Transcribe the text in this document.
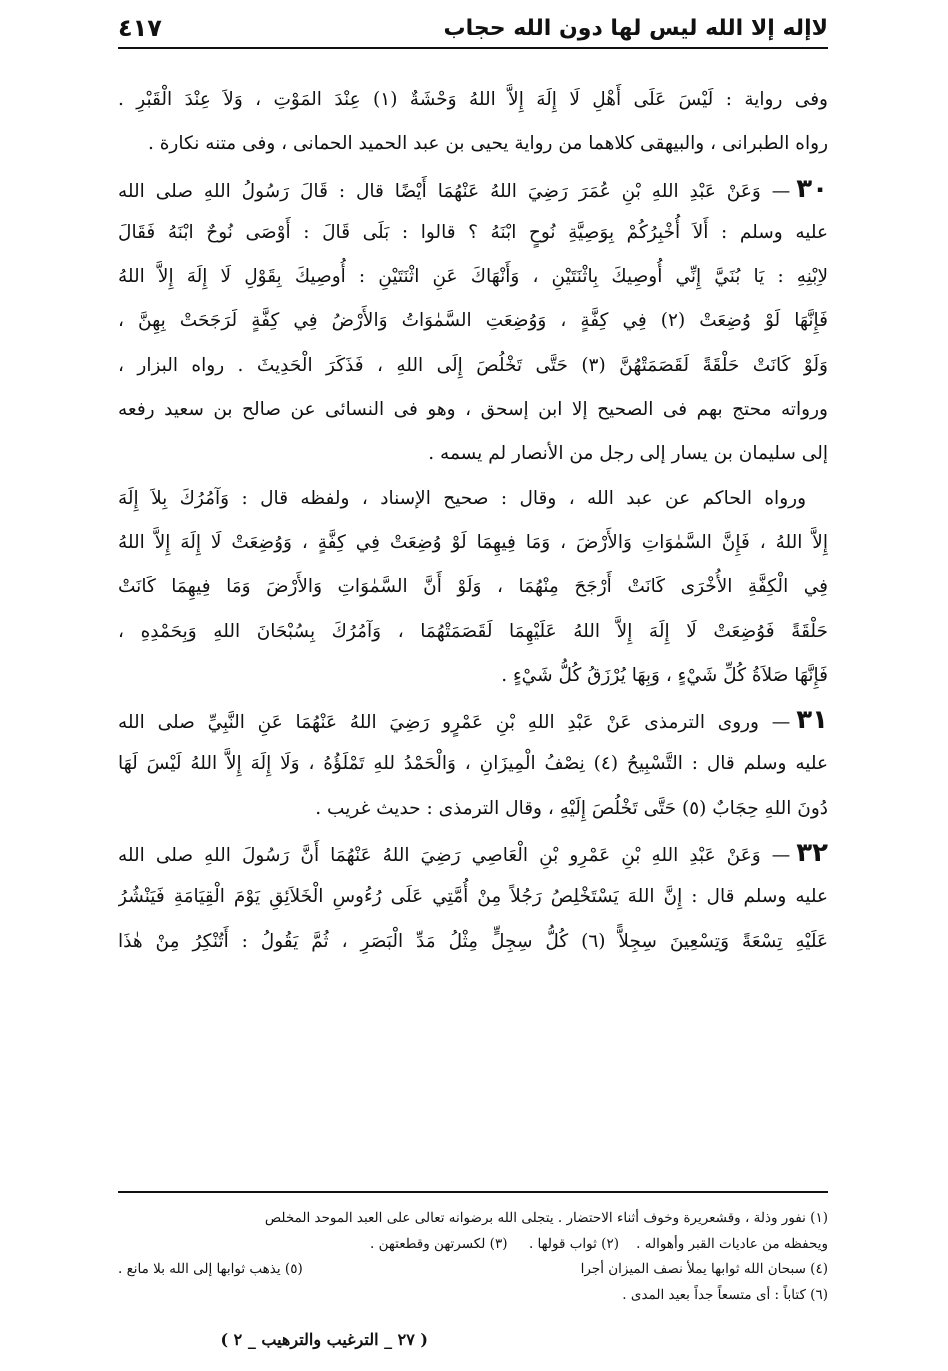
٤١٧	لاإله إلا الله ليس لها دون الله حجاب
وفى رواية : لَيْسَ عَلَى أَهْلِ لَا إِلَهَ إِلاَّ اللهُ وَحْشَةٌ (١) عِنْدَ المَوْتِ ، وَلاَ عِنْدَ الْقَبْرِ .
رواه الطبرانى ، والبيهقى كلاهما من رواية يحيى بن عبد الحميد الحمانى ، وفى متنه نكارة .
٣٠— وَعَنْ عَبْدِ اللهِ بْنِ عُمَرَ رَضِيَ اللهُ عَنْهُمَا أَيْضًا قال : قَالَ رَسُولُ اللهِ صلى الله
عليه وسلم : أَلاَ أُخْبِرُكُمْ بِوَصِيَّةِ نُوحٍ ابْنَهُ ؟ قالوا : بَلَى قَالَ : أَوْصَى نُوحٌ ابْنَهُ فَقَالَ
لاِبْنِهِ : يَا بُنَيَّ إِنِّي أُوصِيكَ بِاثْنَتَيْنِ ، وَأَنْهَاكَ عَنِ اثْنَتَيْنِ : أُوصِيكَ بِقَوْلِ لَا إِلَهَ إِلاَّ اللهُ
فَإِنَّهَا لَوْ وُضِعَتْ (٢) فِي كِفَّةٍ ، وَوُضِعَتِ السَّمٰوَاتُ وَالأَرْضُ فِي كِفَّةٍ لَرَجَحَتْ بِهِنَّ ،
وَلَوْ كَانَتْ حَلْقَةً لَقَصَمَتْهُنَّ (٣) حَتَّى تَخْلُصَ إِلَى اللهِ ، فَذَكَرَ الْحَدِيثَ . رواه البزار ،
ورواته محتج بهم فى الصحيح إلا ابن إسحق ، وهو فى النسائى عن صالح بن سعيد رفعه
إلى سليمان بن يسار إلى رجل من الأنصار لم يسمه .
ورواه الحاكم عن عبد الله ، وقال : صحيح الإسناد ، ولفظه قال : وَآمُرُكَ بِلاَ إِلَهَ
إِلاَّ اللهُ ، فَإِنَّ السَّمٰوَاتِ وَالأَرْضَ ، وَمَا فِيهِمَا لَوْ وُضِعَتْ فِي كِفَّةٍ ، وَوُضِعَتْ لَا إِلَهَ إِلاَّ اللهُ
فِي الْكِفَّةِ الأُخْرَى كَانَتْ أَرْجَحَ مِنْهُمَا ، وَلَوْ أَنَّ السَّمٰوَاتِ وَالأَرْضَ وَمَا فِيهِمَا كَانَتْ
حَلْقَةً فَوُضِعَتْ لَا إِلَهَ إِلاَّ اللهُ عَلَيْهِمَا لَقَصَمَتْهُمَا ، وَآمُرُكَ بِسُبْحَانَ اللهِ وَبِحَمْدِهِ ،
فَإِنَّهَا صَلاَةُ كُلِّ شَيْءٍ ، وَبِهَا يُرْزَقُ كُلُّ شَيْءٍ .
٣١— وروى الترمذى عَنْ عَبْدِ اللهِ بْنِ عَمْرٍو رَضِيَ اللهُ عَنْهُمَا عَنِ النَّبِيِّ صلى الله
عليه وسلم قال : التَّسْبِيحُ (٤) نِصْفُ الْمِيزَانِ ، وَالْحَمْدُ للهِ تَمْلَؤُهُ ، وَلَا إِلَهَ إِلاَّ اللهُ لَيْسَ لَهَا
دُونَ اللهِ حِجَابٌ (٥) حَتَّى تَخْلُصَ إِلَيْهِ ، وقال الترمذى : حديث غريب .
٣٢— وَعَنْ عَبْدِ اللهِ بْنِ عَمْرِو بْنِ الْعَاصِي رَضِيَ اللهُ عَنْهُمَا أَنَّ رَسُولَ اللهِ صلى الله
عليه وسلم قال : إِنَّ اللهَ يَسْتَخْلِصُ رَجُلاً مِنْ أُمَّتِي عَلَى رُءُوسِ الْخَلاَئِقِ يَوْمَ الْقِيَامَةِ فَيَنْشُرُ
عَلَيْهِ تِسْعَةً وَتِسْعِينَ سِجِلاًّ (٦) كُلُّ سِجِلٍّ مِثْلُ مَدِّ الْبَصَرِ ، ثُمَّ يَقُولُ : أَتُنْكِرُ مِنْ هٰذَا
(١) نفور وذلة ، وقشعريرة وخوف أثناء الاحتضار . يتجلى الله برضوانه تعالى على العبد الموحد المخلص
ويحفظه من عاديات القبر وأهواله .    (٢) ثواب قولها .     (٣) لكسرتهن وقطعتهن .
(٤) سبحان الله ثوابها يملأ نصف الميزان أجرا
(٥) يذهب ثوابها إلى الله بلا مانع .
(٦) كتاباً : أى متسعاً جداً بعيد المدى .
( ٢٧ _ الترغيب والترهيب _ ٢ )
